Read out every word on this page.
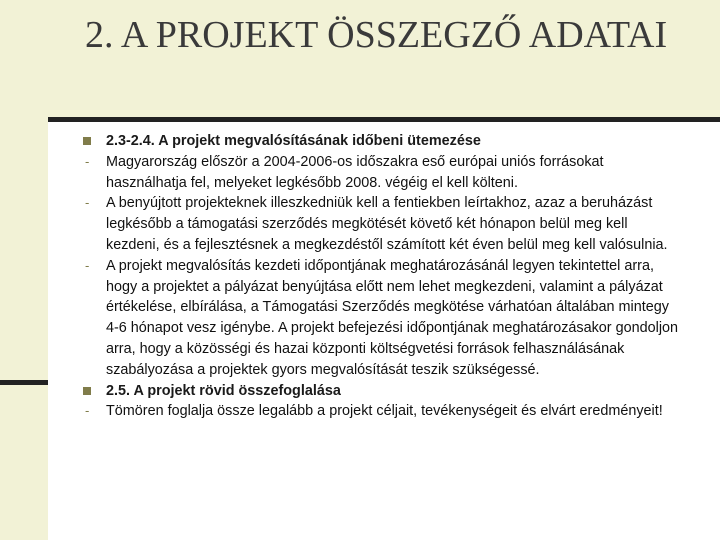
2. A PROJEKT ÖSSZEGZŐ ADATAI
2.3-2.4. A projekt megvalósításának időbeni ütemezése
- Magyarország először a 2004-2006-os időszakra eső európai uniós forrásokat használhatja fel, melyeket legkésőbb 2008. végéig el kell költeni.
- A benyújtott projekteknek illeszkedniük kell a fentiekben leírtakhoz, azaz a beruházást legkésőbb a támogatási szerződés megkötését követő két hónapon belül meg kell kezdeni, és a fejlesztésnek a megkezdéstől számított két éven belül meg kell valósulnia.
- A projekt megvalósítás kezdeti időpontjának meghatározásánál legyen tekintettel arra, hogy a projektet a pályázat benyújtása előtt nem lehet megkezdeni, valamint a pályázat értékelése, elbírálása, a Támogatási Szerződés megkötése várhatóan általában mintegy 4-6 hónapot vesz igénybe. A projekt befejezési időpontjának meghatározásakor gondoljon arra, hogy a közösségi és hazai központi költségvetési források felhasználásának szabályozása a projektek gyors megvalósítását teszik szükségessé.
2.5. A projekt rövid összefoglalása
- Tömören foglalja össze legalább a projekt céljait, tevékenységeit és elvárt eredményeit!
